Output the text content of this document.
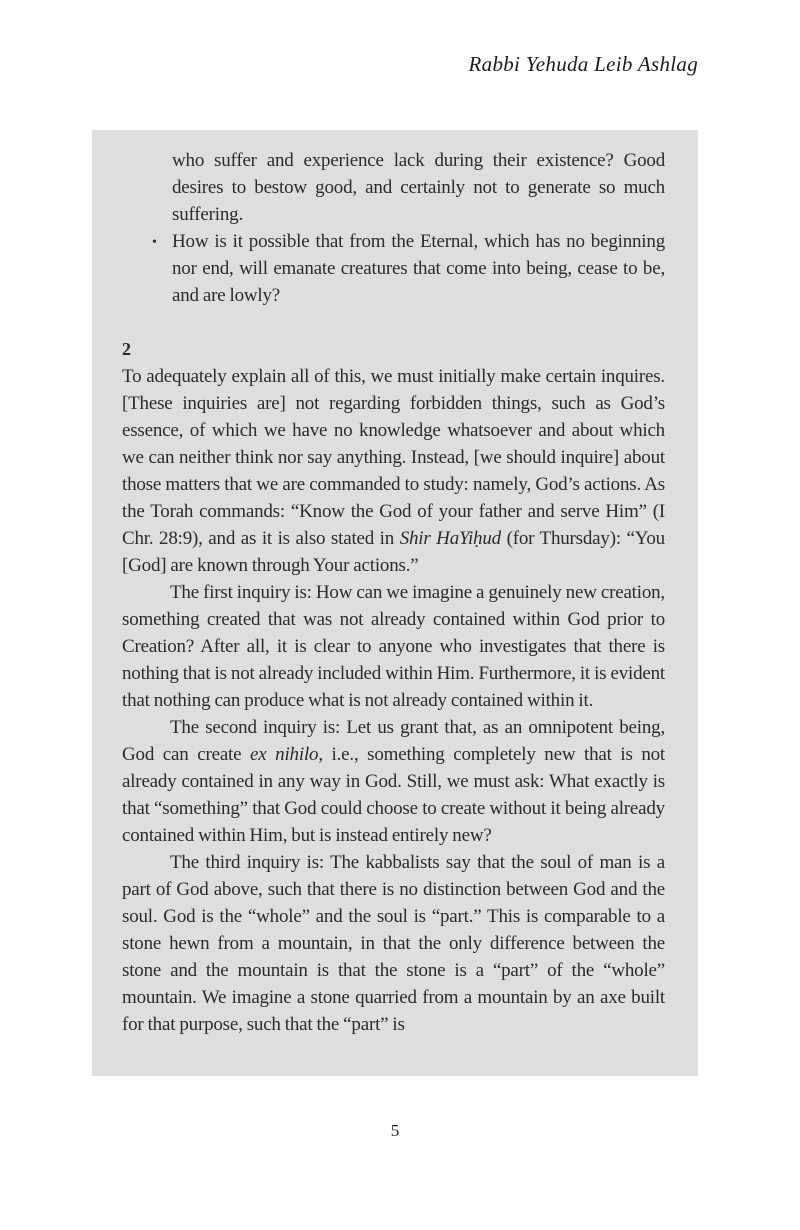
Rabbi Yehuda Leib Ashlag
who suffer and experience lack during their existence? Good desires to bestow good, and certainly not to generate so much suffering.
• How is it possible that from the Eternal, which has no beginning nor end, will emanate creatures that come into being, cease to be, and are lowly?
2

To adequately explain all of this, we must initially make certain inquires. [These inquiries are] not regarding forbidden things, such as God’s essence, of which we have no knowledge whatsoever and about which we can neither think nor say anything. Instead, [we should inquire] about those matters that we are commanded to study: namely, God’s actions. As the Torah commands: “Know the God of your father and serve Him” (I Chr. 28:9), and as it is also stated in Shir HaYiḥud (for Thursday): “You [God] are known through Your actions.”

The first inquiry is: How can we imagine a genuinely new creation, something created that was not already contained within God prior to Creation? After all, it is clear to anyone who investigates that there is nothing that is not already included within Him. Furthermore, it is evident that nothing can produce what is not already contained within it.

The second inquiry is: Let us grant that, as an omnipotent being, God can create ex nihilo, i.e., something completely new that is not already contained in any way in God. Still, we must ask: What exactly is that “something” that God could choose to create without it being already contained within Him, but is instead entirely new?

The third inquiry is: The kabbalists say that the soul of man is a part of God above, such that there is no distinction between God and the soul. God is the “whole” and the soul is “part.” This is comparable to a stone hewn from a mountain, in that the only difference between the stone and the mountain is that the stone is a “part” of the “whole” mountain. We imagine a stone quarried from a mountain by an axe built for that purpose, such that the “part” is

5
